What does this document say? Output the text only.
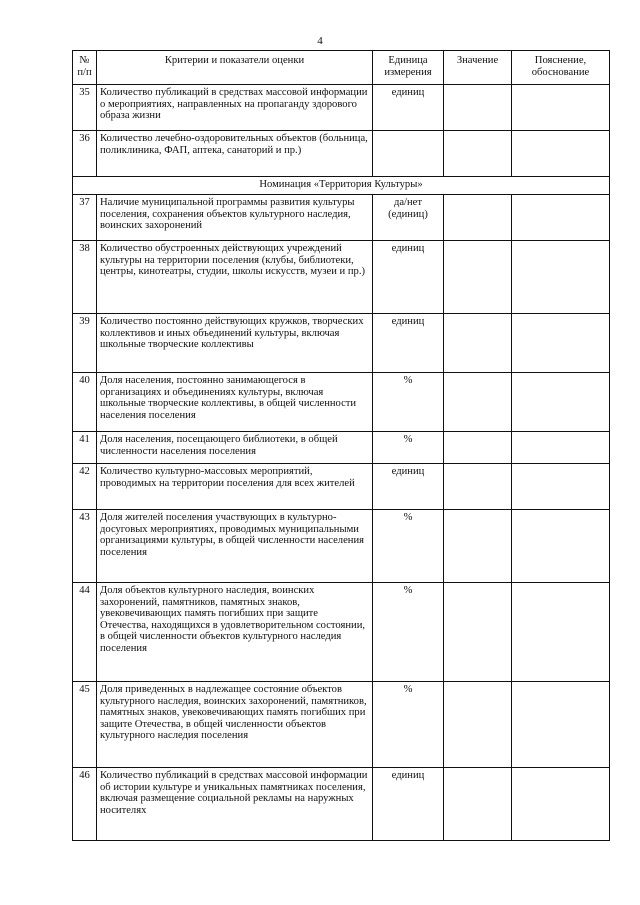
4
№ п/п	Критерии и показатели оценки	Единица измерения	Значение	Пояснение, обоснование
35	Количество публикаций в средствах массовой информации о мероприятиях, направленных на пропаганду здорового образа жизни	единиц		
36	Количество лечебно-оздоровительных объектов (больница, поликлиника, ФАП, аптека, санаторий и пр.)			
Номинация «Территория Культуры»				
37	Наличие муниципальной программы развития культуры поселения, сохранения объектов культурного наследия, воинских захоронений	да/нет (единиц)		
38	Количество обустроенных действующих учреждений культуры на территории поселения (клубы, библиотеки, центры, кинотеатры, студии, школы искусств, музеи и пр.)	единиц		
39	Количество постоянно действующих кружков, творческих коллективов и иных объединений культуры, включая школьные творческие коллективы	единиц		
40	Доля населения, постоянно занимающегося в организациях и объединениях культуры, включая школьные творческие коллективы, в общей численности населения поселения	%		
41	Доля населения, посещающего библиотеки, в общей численности населения поселения	%		
42	Количество культурно-массовых мероприятий, проводимых на территории поселения для всех жителей	единиц		
43	Доля жителей поселения участвующих в культурно-досуговых мероприятиях, проводимых муниципальными организациями культуры, в общей численности населения поселения	%		
44	Доля объектов культурного наследия, воинских захоронений, памятников, памятных знаков, увековечивающих память погибших при защите Отечества, находящихся в удовлетворительном состоянии, в общей численности объектов культурного наследия поселения	%		
45	Доля приведенных в надлежащее состояние объектов культурного наследия, воинских захоронений, памятников, памятных знаков, увековечивающих память погибших при защите Отечества, в общей численности объектов культурного наследия поселения	%		
46	Количество публикаций в средствах массовой информации об истории культуре и уникальных памятниках поселения, включая размещение социальной рекламы на наружных носителях	единиц		
